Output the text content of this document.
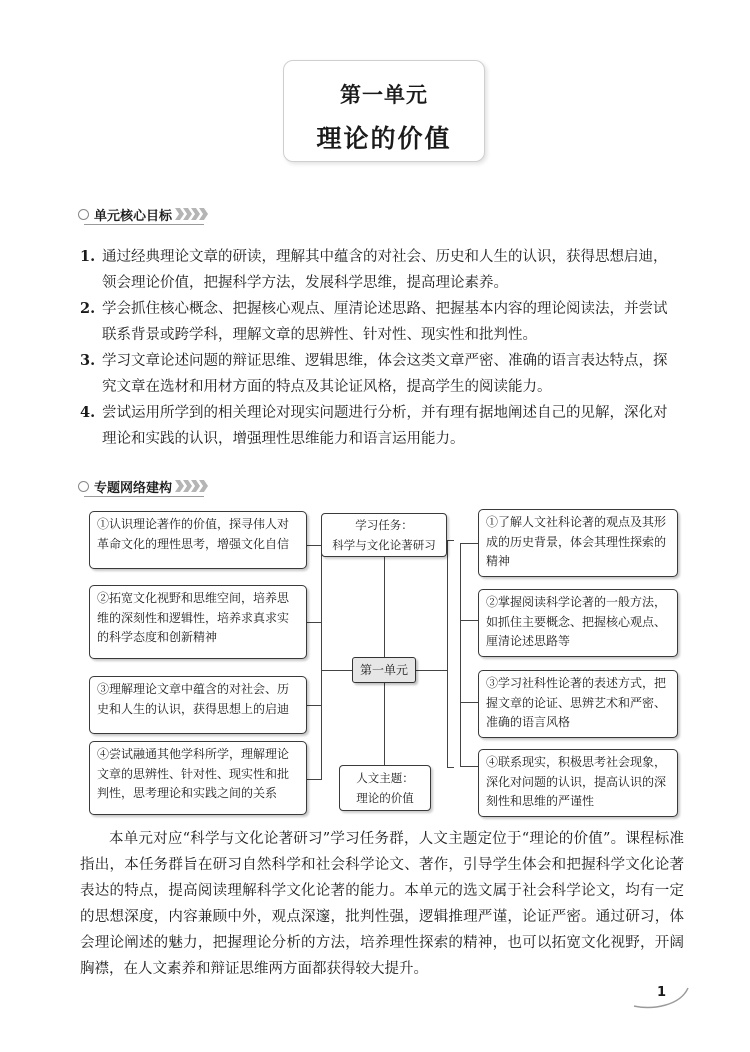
第一单元
理论的价值
单元核心目标
1. 通过经典理论文章的研读，理解其中蕴含的对社会、历史和人生的认识，获得思想启迪，领会理论价值，把握科学方法，发展科学思维，提高理论素养。
2. 学会抓住核心概念、把握核心观点、厘清论述思路、把握基本内容的理论阅读法，并尝试联系背景或跨学科，理解文章的思辨性、针对性、现实性和批判性。
3. 学习文章论述问题的辩证思维、逻辑思维，体会这类文章严密、准确的语言表达特点，探究文章在选材和用材方面的特点及其论证风格，提高学生的阅读能力。
4. 尝试运用所学到的相关理论对现实问题进行分析，并有理有据地阐述自己的见解，深化对理论和实践的认识，增强理性思维能力和语言运用能力。
专题网络建构
①认识理论著作的价值，探寻伟人对革命文化的理性思考，增强文化自信
②拓宽文化视野和思维空间，培养思维的深刻性和逻辑性，培养求真求实的科学态度和创新精神
③理解理论文章中蕴含的对社会、历史和人生的认识，获得思想上的启迪
④尝试融通其他学科所学，理解理论文章的思辨性、针对性、现实性和批判性，思考理论和实践之间的关系
学习任务：
科学与文化论著研习
第一单元
人文主题：
理论的价值
①了解人文社科论著的观点及其形成的历史背景，体会其理性探索的精神
②掌握阅读科学论著的一般方法，如抓住主要概念、把握核心观点、厘清论述思路等
③学习社科性论著的表述方式，把握文章的论证、思辨艺术和严密、准确的语言风格
④联系现实，积极思考社会现象，深化对问题的认识，提高认识的深刻性和思维的严谨性

本单元对应“科学与文化论著研习”学习任务群，人文主题定位于“理论的价值”。课程标准指出，本任务群旨在研习自然科学和社会科学论文、著作，引导学生体会和把握科学文化论著表达的特点，提高阅读理解科学文化论著的能力。本单元的选文属于社会科学论文，均有一定的思想深度，内容兼顾中外，观点深邃，批判性强，逻辑推理严谨，论证严密。通过研习，体会理论阐述的魅力，把握理论分析的方法，培养理性探索的精神，也可以拓宽文化视野，开阔胸襟，在人文素养和辩证思维两方面都获得较大提升。

1
